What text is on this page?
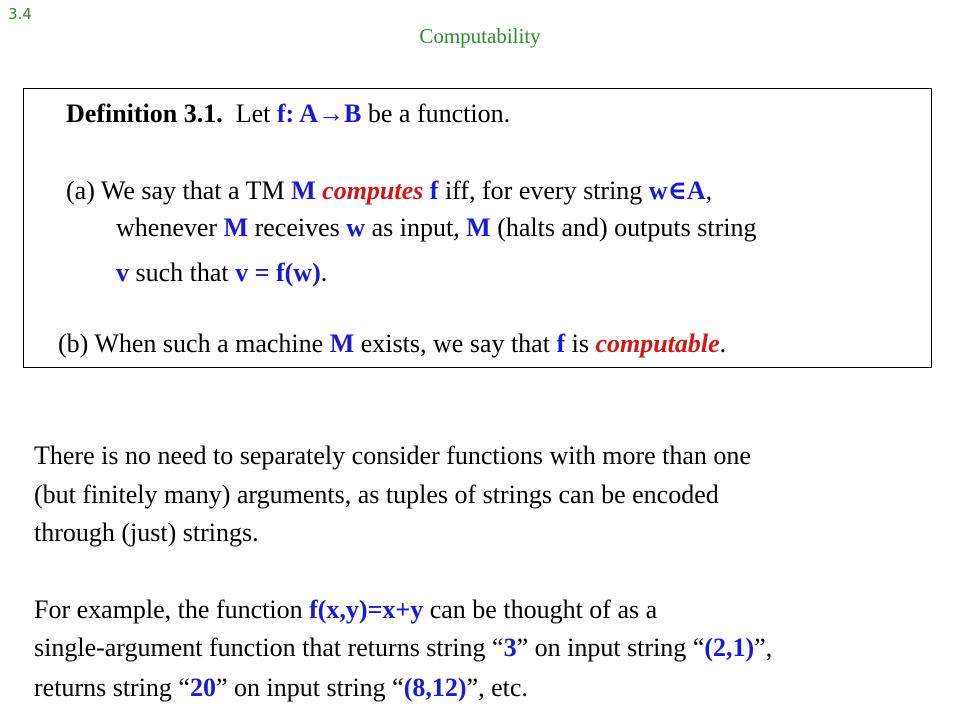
3.4
Computability
Definition 3.1. Let f: A→B be a function.
(a) We say that a TM M computes f iff, for every string w∈A,
whenever M receives w as input, M (halts and) outputs string
v such that v = f(w).
(b) When such a machine M exists, we say that f is computable.
There is no need to separately consider functions with more than one
(but finitely many) arguments, as tuples of strings can be encoded
through (just) strings.
For example, the function f(x,y)=x+y can be thought of as a
single-argument function that returns string “3” on input string “(2,1)”,
returns string “20” on input string “(8,12)”, etc.
